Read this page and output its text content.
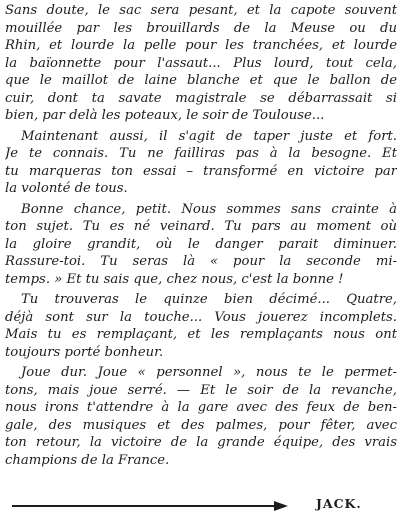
Sans doute, le sac sera pesant, et la capote souvent
mouillée par les brouillards de la Meuse ou du
Rhin, et lourde la pelle pour les tranchées, et lourde
la baïonnette pour l'assaut... Plus lourd, tout cela,
que le maillot de laine blanche et que le ballon de
cuir, dont ta savate magistrale se débarrassait si
bien, par delà les poteaux, le soir de Toulouse...

Maintenant aussi, il s'agit de taper juste et fort.
Je te connais. Tu ne failliras pas à la besogne. Et
tu marqueras ton essai – transformé en victoire par
la volonté de tous.

Bonne chance, petit. Nous sommes sans crainte à
ton sujet. Tu es né veinard. Tu pars au moment où
la gloire grandit, où le danger parait diminuer.
Rassure-toi. Tu seras là « pour la seconde mi-
temps. » Et tu sais que, chez nous, c'est la bonne !

Tu trouveras le quinze bien décimé... Quatre,
déjà sont sur la touche... Vous jouerez incomplets.
Mais tu es remplaçant, et les remplaçants nous ont
toujours porté bonheur.

Joue dur. Joue « personnel », nous te le permet-
tons, mais joue serré. — Et le soir de la revanche,
nous irons t'attendre à la gare avec des feux de ben-
gale, des musiques et des palmes, pour fêter, avec
ton retour, la victoire de la grande équipe, des vrais
champions de la France.

JACK.
